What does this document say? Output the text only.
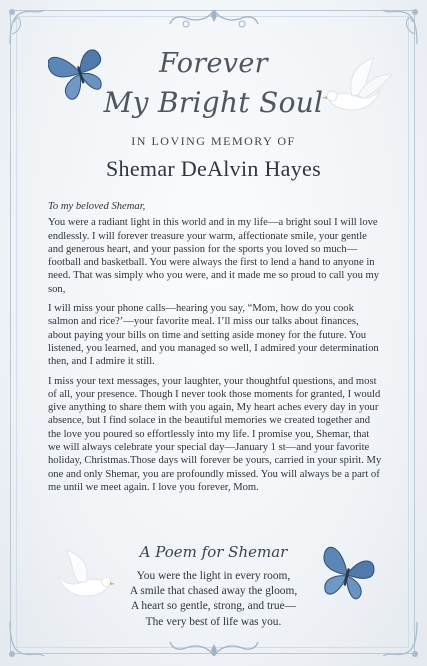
Forever
My Bright Soul
IN LOVING MEMORY OF
Shemar DeAlvin Hayes

To my beloved Shemar,

You were a radiant light in this world and in my life—a bright soul I will love endlessly. I will forever treasure your warm, affectionate smile, your gentle and generous heart, and your passion for the sports you loved so much—football and basketball. You were always the first to lend a hand to anyone in need. That was simply who you were, and it made me so proud to call you my son,

I will miss your phone calls—hearing you say, “Mom, how do you cook salmon and rice?’—your favorite meal. I’ll miss our talks about finances, about paying your bills on time and setting aside money for the future. You listened, you learned, and you managed so well, I admired your determination then, and I admire it still.

I miss your text messages, your laughter, your thoughtful questions, and most of all, your presence. Though I never took those moments for granted, I would give anything to share them with you again, My heart aches every day in your absence, but I find solace in the beautiful memories we created together and the love you poured so effortlessly into my life. I promise you, Shemar, that we will always celebrate your special day—January 1 st—and your favorite holiday, Christmas.Those days will forever be yours, carried in your spirit. My one and only Shemar, you are profoundly missed. You will always be a part of me until we meet again. I love you forever, Mom.

A Poem for Shemar
You were the light in every room,
A smile that chased away the gloom,
A heart so gentle, strong, and true—
The very best of life was you.
